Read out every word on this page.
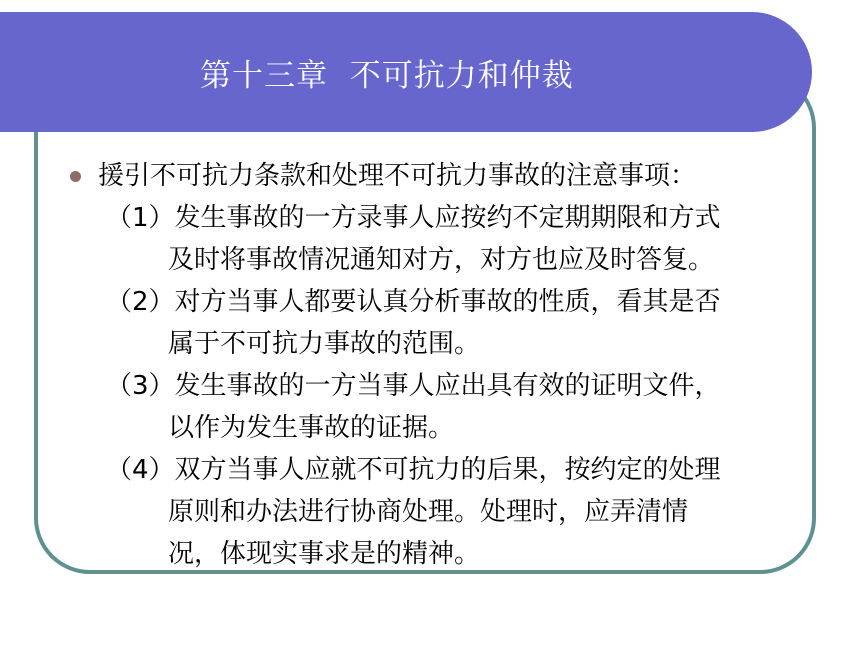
第十三章  不可抗力和仲裁
援引不可抗力条款和处理不可抗力事故的注意事项：
（1）发生事故的一方录事人应按约不定期期限和方式
及时将事故情况通知对方，对方也应及时答复。
（2）对方当事人都要认真分析事故的性质，看其是否
属于不可抗力事故的范围。
（3）发生事故的一方当事人应出具有效的证明文件，
以作为发生事故的证据。
（4）双方当事人应就不可抗力的后果，按约定的处理
原则和办法进行协商处理。处理时，应弄清情
况，体现实事求是的精神。
